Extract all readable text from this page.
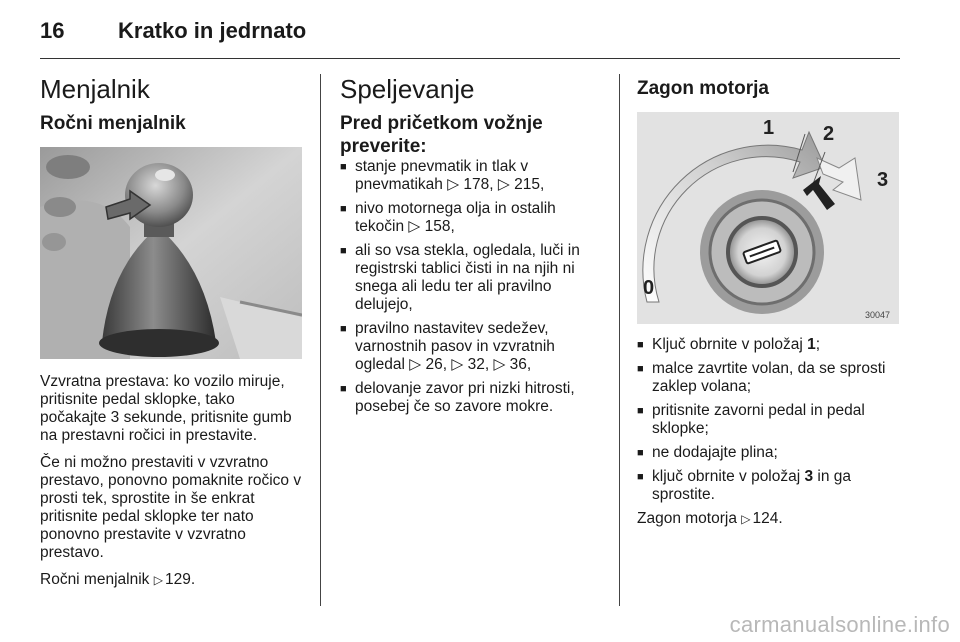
16 Kratko in jedrnato
Menjalnik
Ročni menjalnik

Vzvratna prestava: ko vozilo miruje, pritisnite pedal sklopke, tako počakajte 3 sekunde, pritisnite gumb na prestavni ročici in prestavite.

Če ni možno prestaviti v vzvratno prestavo, ponovno pomaknite ročico v prosti tek, sprostite in še enkrat pritisnite pedal sklopke ter nato ponovno prestavite v vzvratno prestavo.

Ročni menjalnik ▷ 129.

Speljevanje
Pred pričetkom vožnje preverite:
■ stanje pnevmatik in tlak v pnevmatikah ▷ 178, ▷ 215,
■ nivo motornega olja in ostalih tekočin ▷ 158,
■ ali so vsa stekla, ogledala, luči in registrski tablici čisti in na njih ni snega ali ledu ter ali pravilno delujejo,
■ pravilno nastavitev sedežev, varnostnih pasov in vzvratnih ogledal ▷ 26, ▷ 32, ▷ 36,
■ delovanje zavor pri nizki hitrosti, posebej če so zavore mokre.
Zagon motorja
0
1 2
3
30047
■ Ključ obrnite v položaj 1;
■ malce zavrtite volan, da se sprosti zaklep volana;
■ pritisnite zavorni pedal in pedal sklopke;
■ ne dodajajte plina;
■ ključ obrnite v položaj 3 in ga sprostite.

Zagon motorja ▷ 124.

carmanualsonline.info
